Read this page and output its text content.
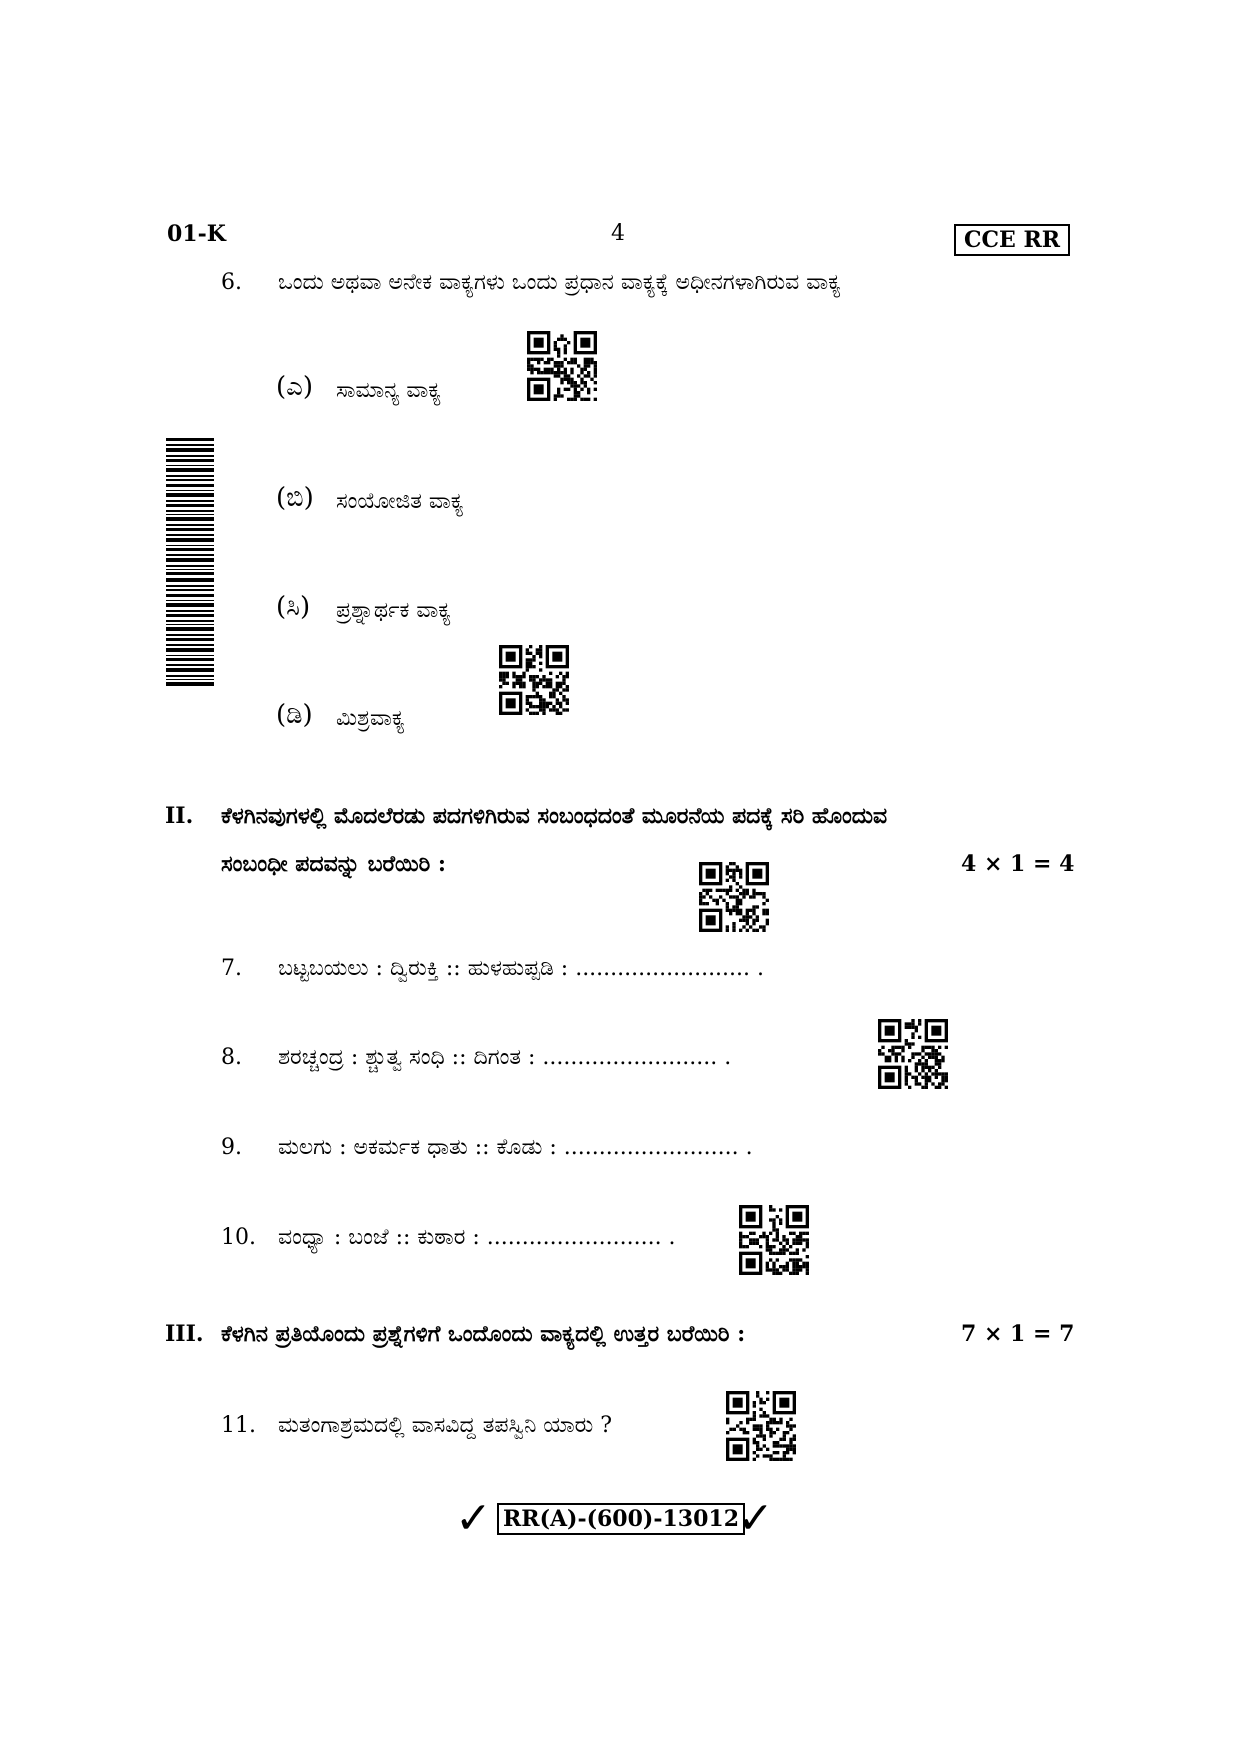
01-K	4	CCE RR
6. ಒಂದು ಅಥವಾ ಅನೇಕ ವಾಕ್ಯಗಳು ಒಂದು ಪ್ರಧಾನ ವಾಕ್ಯಕ್ಕೆ ಅಧೀನಗಳಾಗಿರುವ ವಾಕ್ಯ
(ಎ) ಸಾಮಾನ್ಯ ವಾಕ್ಯ
(ಬಿ) ಸಂಯೋಜಿತ ವಾಕ್ಯ
(ಸಿ) ಪ್ರಶ್ನಾರ್ಥಕ ವಾಕ್ಯ
(ಡಿ) ಮಿಶ್ರವಾಕ್ಯ
II. ಕೆಳಗಿನವುಗಳಲ್ಲಿ ಮೊದಲೆರಡು ಪದಗಳಿಗಿರುವ ಸಂಬಂಧದಂತೆ ಮೂರನೆಯ ಪದಕ್ಕೆ ಸರಿ ಹೊಂದುವ
ಸಂಬಂಧೀ ಪದವನ್ನು ಬರೆಯಿರಿ :	4 × 1 = 4
7. ಬಟ್ಟಬಯಲು : ದ್ವಿರುಕ್ತಿ :: ಹುಳಹುಪ್ಪಡಿ : ......................... .
8. ಶರಚ್ಚಂದ್ರ : ಶ್ಚುತ್ವ ಸಂಧಿ :: ದಿಗಂತ : ......................... .
9. ಮಲಗು : ಅಕರ್ಮಕ ಧಾತು :: ಕೊಡು : ......................... .
10. ವಂಧ್ಯಾ : ಬಂಜೆ :: ಕುಠಾರ : ......................... .
III. ಕೆಳಗಿನ ಪ್ರತಿಯೊಂದು ಪ್ರಶ್ನೆಗಳಿಗೆ ಒಂದೊಂದು ವಾಕ್ಯದಲ್ಲಿ ಉತ್ತರ ಬರೆಯಿರಿ :	7 × 1 = 7
11. ಮತಂಗಾಶ್ರಮದಲ್ಲಿ ವಾಸವಿದ್ದ ತಪಸ್ವಿನಿ ಯಾರು ?
✓ RR(A)-(600)-13012
✓
